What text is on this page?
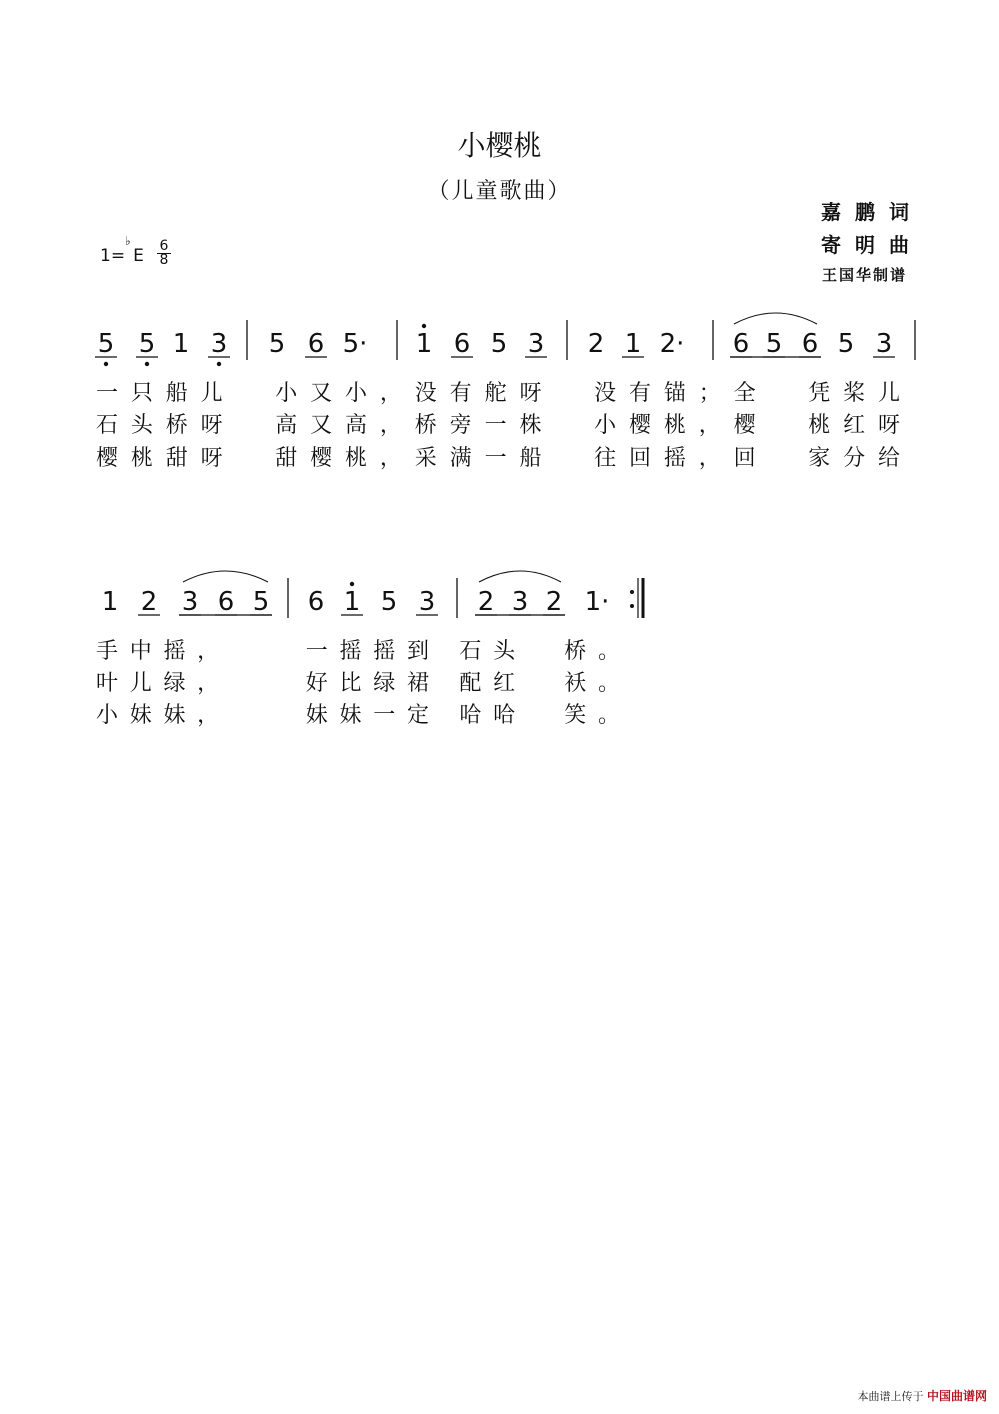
小樱桃
（儿童歌曲）
嘉鹏词
寄明曲
王国华制谱
1=
♭
E 6
8
5 5 1 3 5 6 5· 1 6 5 3 2 1 2· 6 5 6 5 3
一只船儿  小又小，没有舵呀  没有锚；全  凭桨儿
石头桥呀  高又高，桥旁一株  小樱桃，樱  桃红呀
樱桃甜呀  甜樱桃，采满一船  往回摇，回  家分给
1 2 3 6 5 6 1 5 3 2 3 2 1·
手中摇，    一摇摇到 石头  桥。
叶儿绿，    好比绿裙 配红  袄。
小妹妹，    妹妹一定 哈哈  笑。
本曲谱上传于 中国曲谱网
